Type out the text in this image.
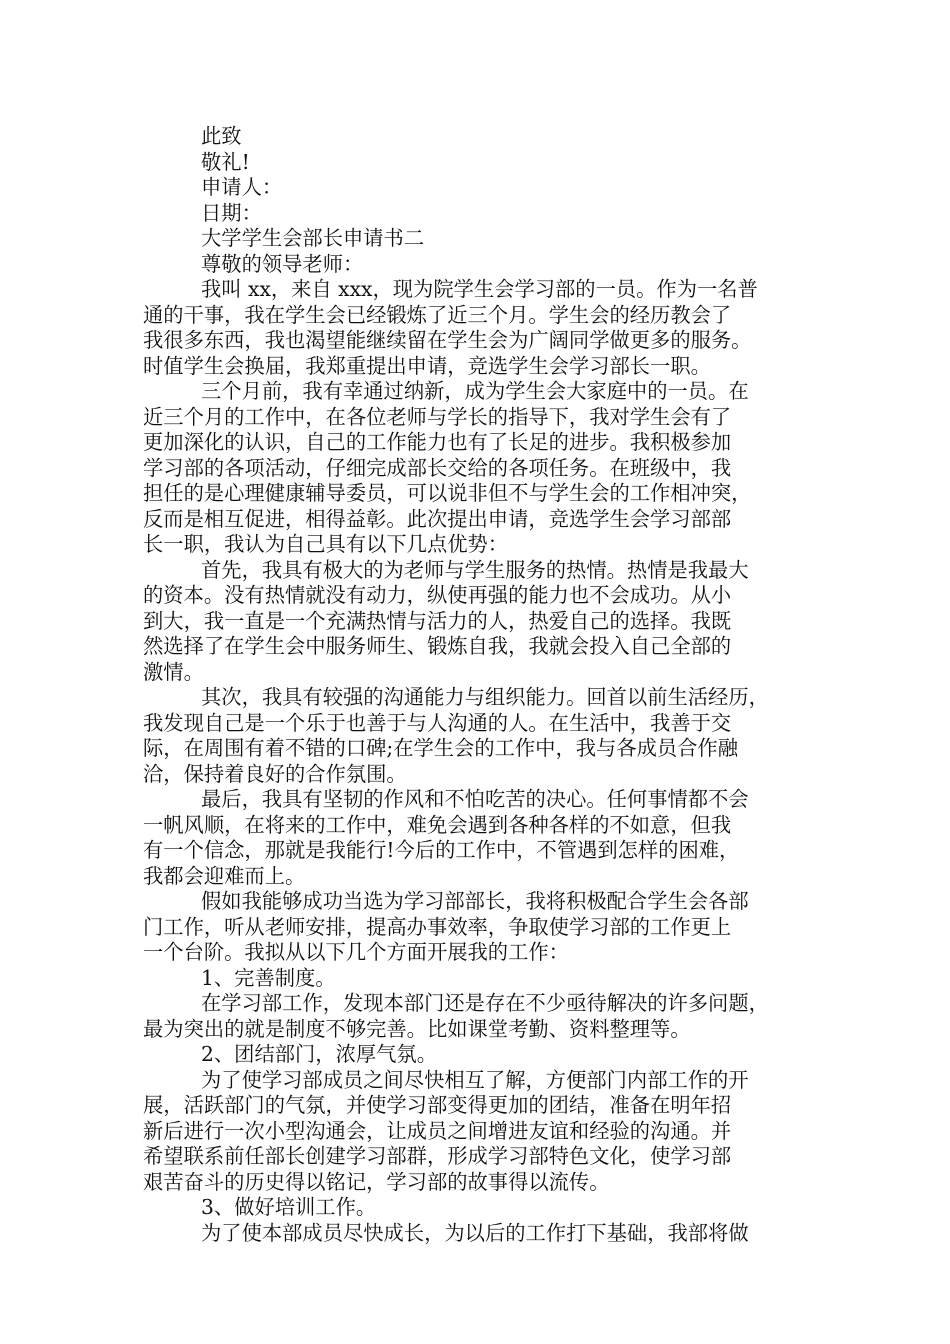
此致
敬礼!
申请人：
日期：
大学学生会部长申请书二
尊敬的领导老师：
我叫 xx，来自 xxx，现为院学生会学习部的一员。作为一名普
通的干事，我在学生会已经锻炼了近三个月。学生会的经历教会了
我很多东西，我也渴望能继续留在学生会为广阔同学做更多的服务。
时值学生会换届，我郑重提出申请，竞选学生会学习部长一职。
三个月前，我有幸通过纳新，成为学生会大家庭中的一员。在
近三个月的工作中，在各位老师与学长的指导下，我对学生会有了
更加深化的认识，自己的工作能力也有了长足的进步。我积极参加
学习部的各项活动，仔细完成部长交给的各项任务。在班级中，我
担任的是心理健康辅导委员，可以说非但不与学生会的工作相冲突，
反而是相互促进，相得益彰。此次提出申请，竞选学生会学习部部
长一职，我认为自己具有以下几点优势：
首先，我具有极大的为老师与学生服务的热情。热情是我最大
的资本。没有热情就没有动力，纵使再强的能力也不会成功。从小
到大，我一直是一个充满热情与活力的人，热爱自己的选择。我既
然选择了在学生会中服务师生、锻炼自我，我就会投入自己全部的
激情。
其次，我具有较强的沟通能力与组织能力。回首以前生活经历，
我发现自己是一个乐于也善于与人沟通的人。在生活中，我善于交
际，在周围有着不错的口碑;在学生会的工作中，我与各成员合作融
洽，保持着良好的合作氛围。
最后，我具有坚韧的作风和不怕吃苦的决心。任何事情都不会
一帆风顺，在将来的工作中，难免会遇到各种各样的不如意，但我
有一个信念，那就是我能行!今后的工作中，不管遇到怎样的困难，
我都会迎难而上。
假如我能够成功当选为学习部部长，我将积极配合学生会各部
门工作，听从老师安排，提高办事效率，争取使学习部的工作更上
一个台阶。我拟从以下几个方面开展我的工作：
1、完善制度。
在学习部工作，发现本部门还是存在不少亟待解决的许多问题，
最为突出的就是制度不够完善。比如课堂考勤、资料整理等。
2、团结部门，浓厚气氛。
为了使学习部成员之间尽快相互了解，方便部门内部工作的开
展，活跃部门的气氛，并使学习部变得更加的团结，准备在明年招
新后进行一次小型沟通会，让成员之间增进友谊和经验的沟通。并
希望联系前任部长创建学习部群，形成学习部特色文化，使学习部
艰苦奋斗的历史得以铭记，学习部的故事得以流传。
3、做好培训工作。
为了使本部成员尽快成长，为以后的工作打下基础，我部将做
